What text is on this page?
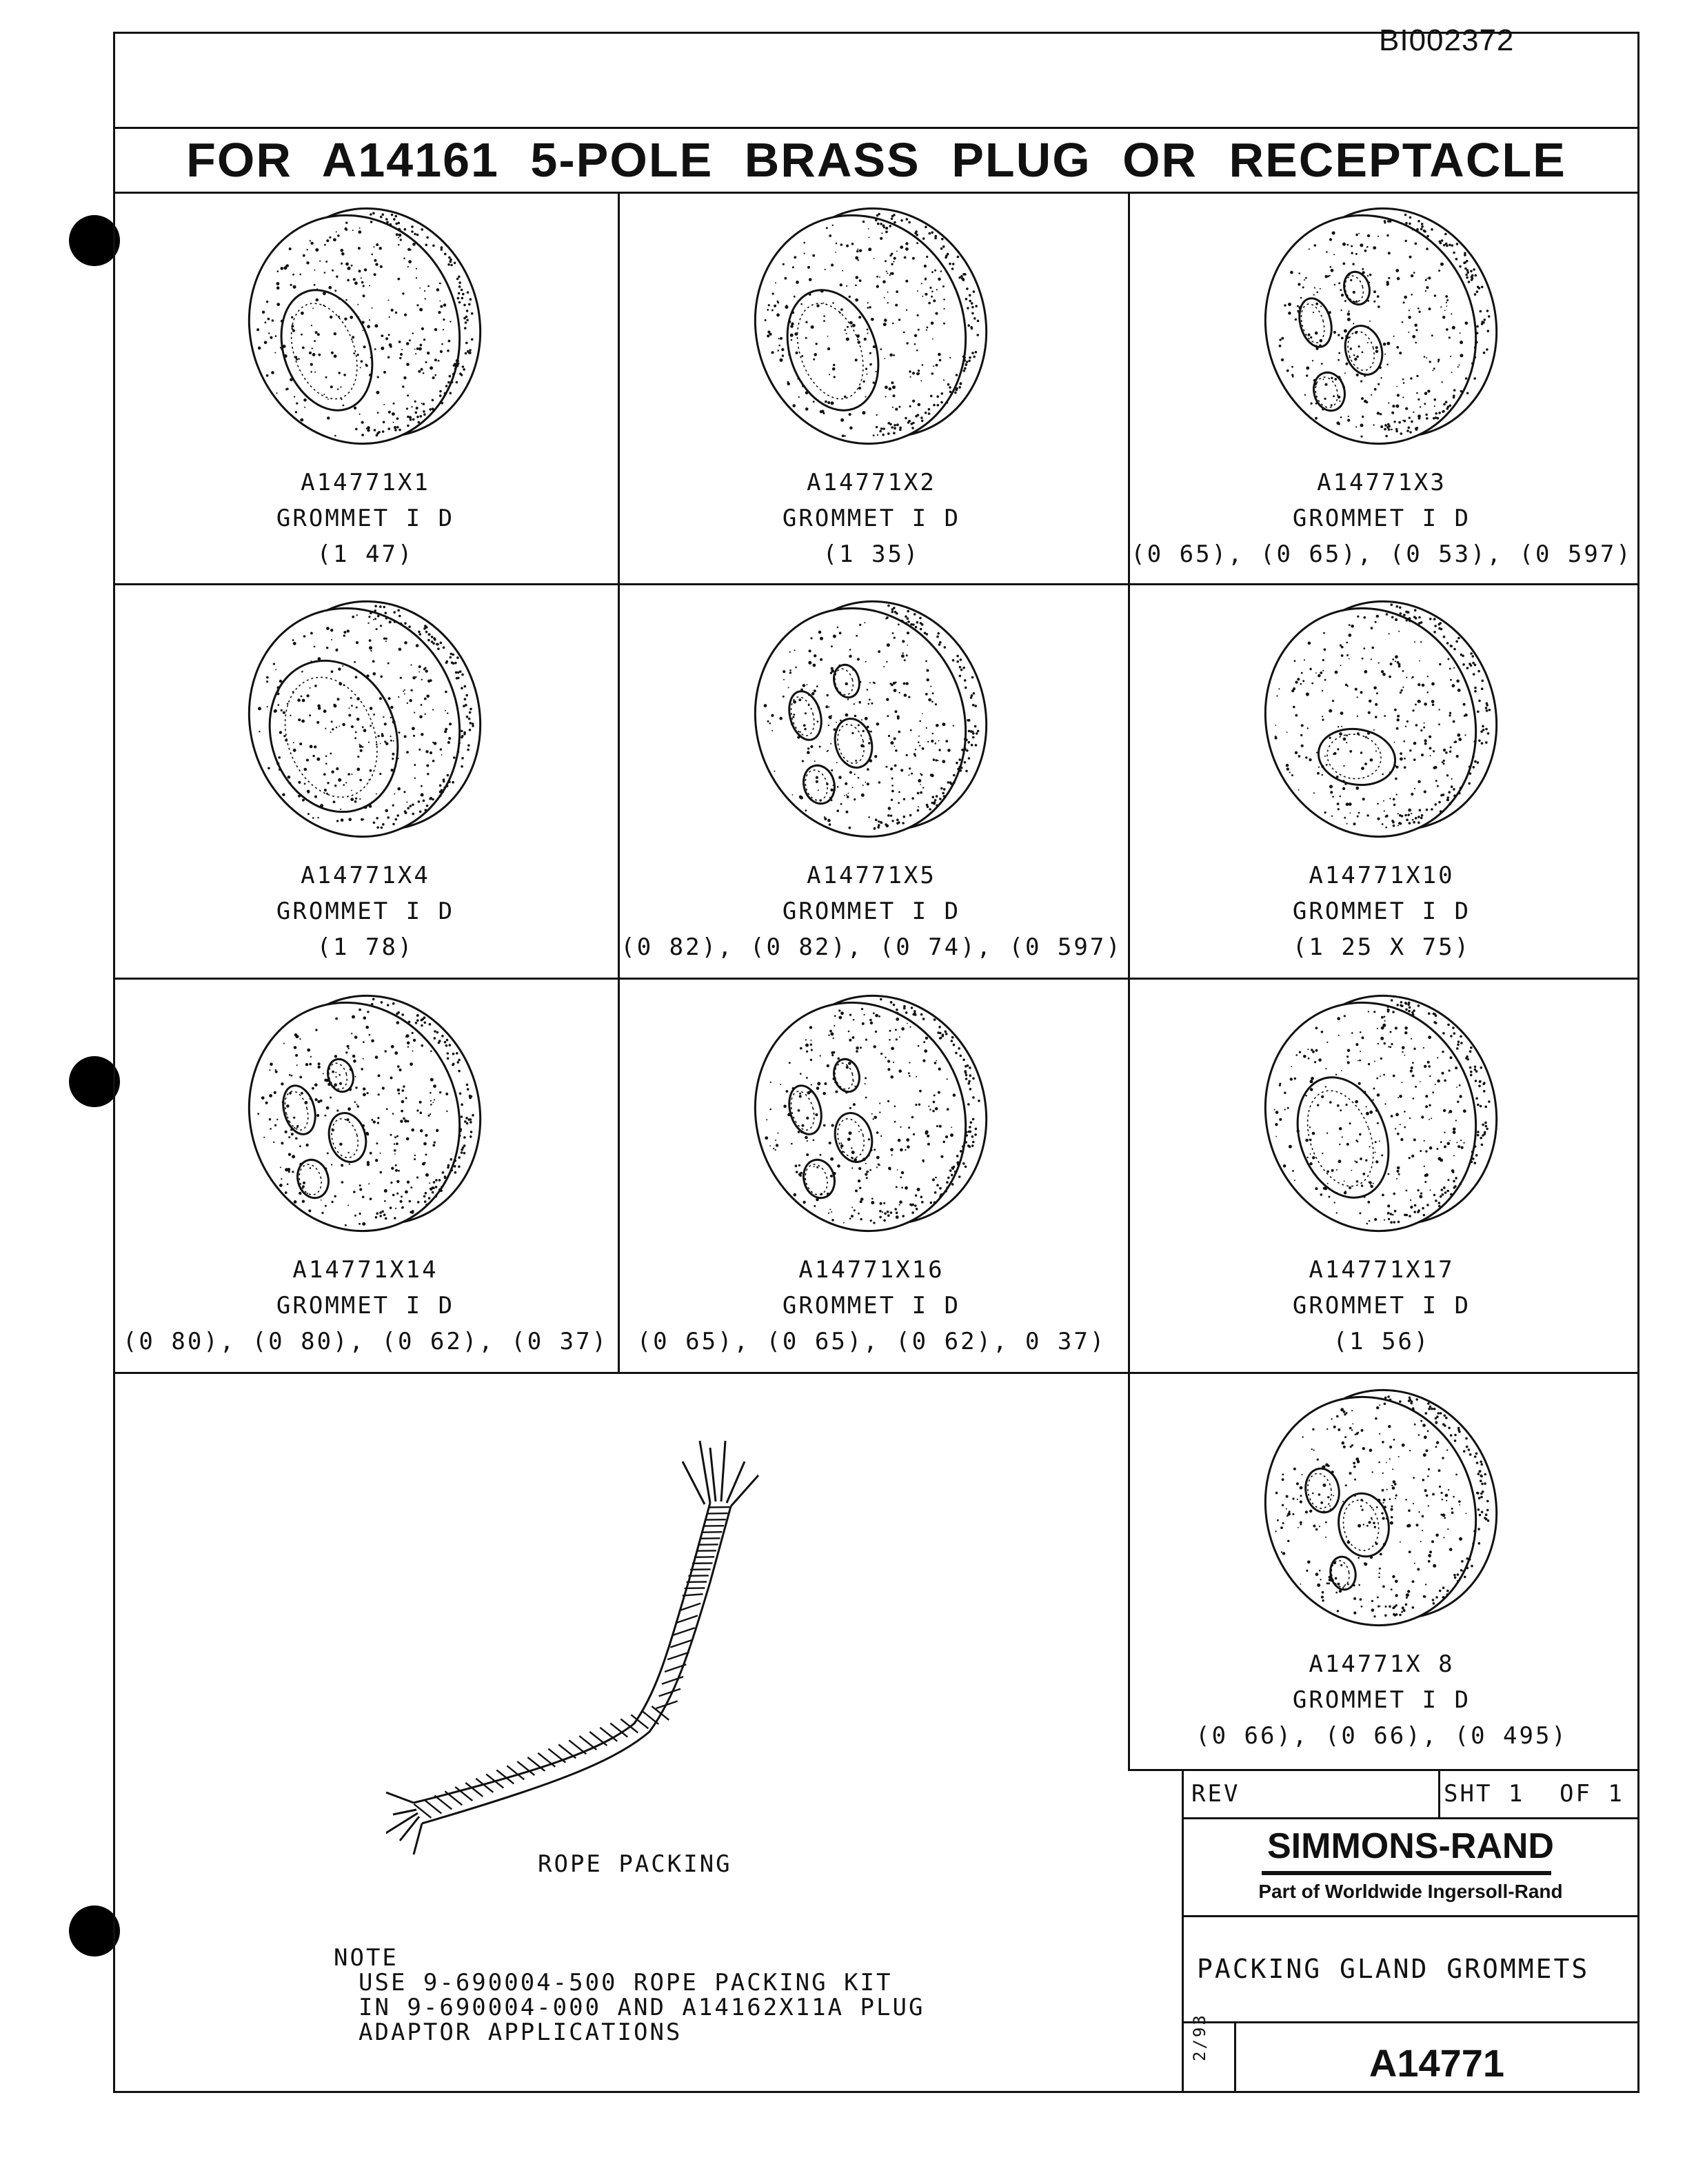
BI002372
FOR A14161 5-POLE BRASS PLUG OR RECEPTACLE
A14771X1
GROMMET I D
(1 47)
A14771X2
GROMMET I D
(1 35)
A14771X3
GROMMET I D
(0 65), (0 65), (0 53), (0 597)
A14771X4
GROMMET I D
(1 78)
A14771X5
GROMMET I D
(0 82), (0 82), (0 74), (0 597)
A14771X10
GROMMET I D
(1 25 X 75)
A14771X14
GROMMET I D
(0 80), (0 80), (0 62), (0 37)
A14771X16
GROMMET I D
(0 65), (0 65), (0 62), 0 37)
A14771X17
GROMMET I D
(1 56)
A14771X 8
GROMMET I D
(0 66), (0 66), (0 495)
ROPE PACKING
NOTE
USE 9-690004-500 ROPE PACKING KIT
IN 9-690004-000 AND A14162X11A PLUG
ADAPTOR APPLICATIONS
REV	SHT 1 OF 1
SIMMONS-RAND
Part of Worldwide Ingersoll-Rand
PACKING GLAND GROMMETS
2/93
A14771
